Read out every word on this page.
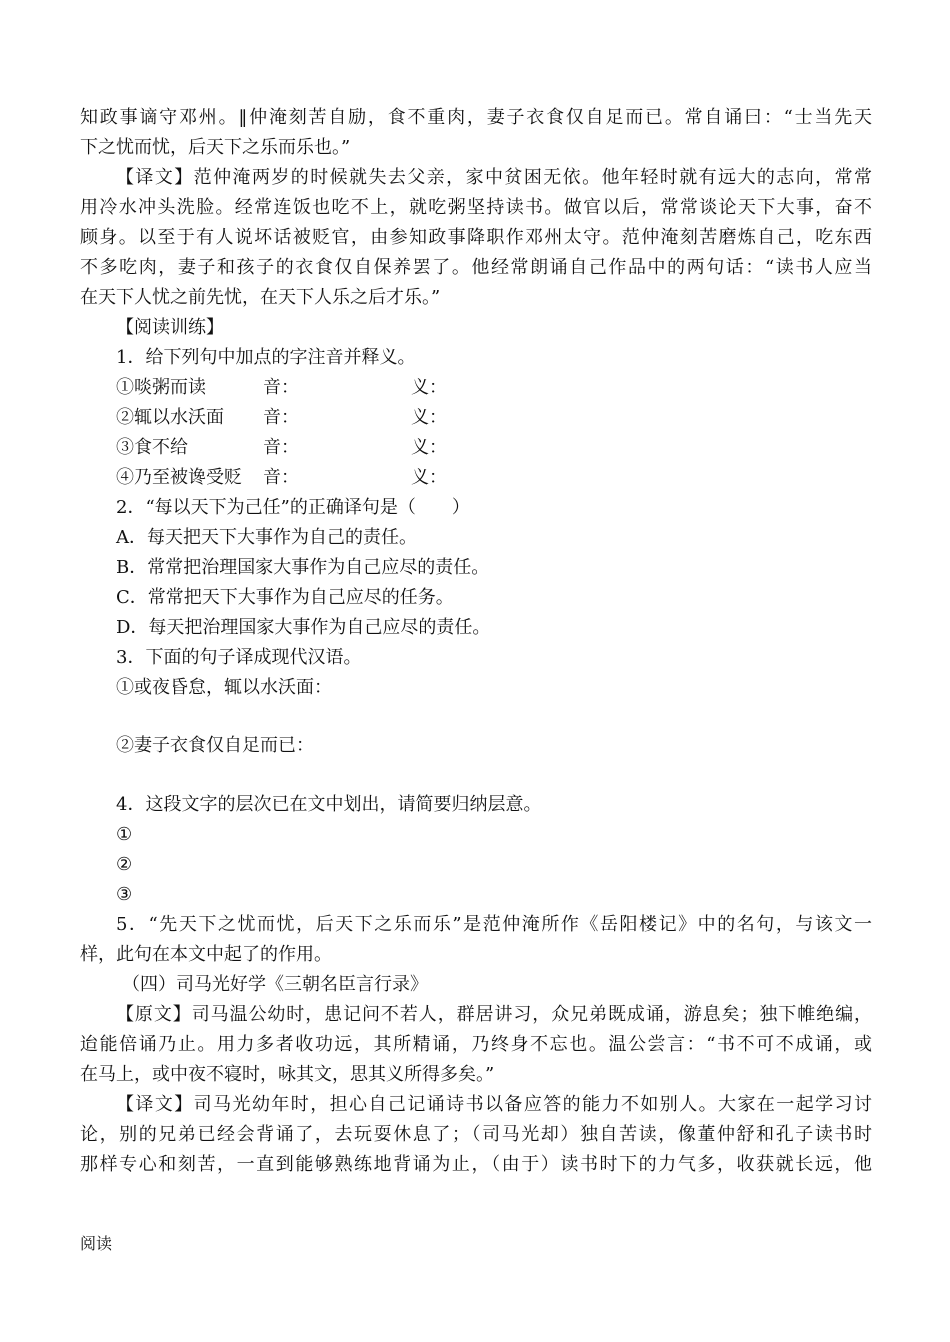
知政事谪守邓州。‖仲淹刻苦自励，食不重肉，妻子衣食仅自足而已。常自诵曰：“士当先天
下之忧而忧，后天下之乐而乐也。”
【译文】范仲淹两岁的时候就失去父亲，家中贫困无依。他年轻时就有远大的志向，常常
用冷水冲头洗脸。经常连饭也吃不上，就吃粥坚持读书。做官以后，常常谈论天下大事，奋不
顾身。以至于有人说坏话被贬官，由参知政事降职作邓州太守。范仲淹刻苦磨炼自己，吃东西
不多吃肉，妻子和孩子的衣食仅自保养罢了。他经常朗诵自己作品中的两句话：“读书人应当
在天下人忧之前先忧，在天下人乐之后才乐。”
【阅读训练】
1．给下列句中加点的字注音并释义。
①啖粥而读	音：	义：
②辄以水沃面 音：	义：
③食不给	音：	义：
④乃至被谗受贬 音：	义：
2．“每以天下为己任”的正确译句是（　　）
A．每天把天下大事作为自己的责任。
B．常常把治理国家大事作为自己应尽的责任。
C．常常把天下大事作为自己应尽的任务。
D．每天把治理国家大事作为自己应尽的责任。
3．下面的句子译成现代汉语。
①或夜昏怠，辄以水沃面：
②妻子衣食仅自足而已：
4．这段文字的层次已在文中划出，请简要归纳层意。
①
②
③
5．“先天下之忧而忧，后天下之乐而乐”是范仲淹所作《岳阳楼记》中的名句，与该文一
样，此句在本文中起了的作用。
（四）司马光好学《三朝名臣言行录》
【原文】司马温公幼时，患记问不若人，群居讲习，众兄弟既成诵，游息矣；独下帷绝编，
迨能倍诵乃止。用力多者收功远，其所精诵，乃终身不忘也。温公尝言：“书不可不成诵，或
在马上，或中夜不寝时，咏其文，思其义所得多矣。”
【译文】司马光幼年时，担心自己记诵诗书以备应答的能力不如别人。大家在一起学习讨
论，别的兄弟已经会背诵了，去玩耍休息了；（司马光却）独自苦读，像董仲舒和孔子读书时
那样专心和刻苦，一直到能够熟练地背诵为止，（由于）读书时下的力气多，收获就长远，他
阅读
